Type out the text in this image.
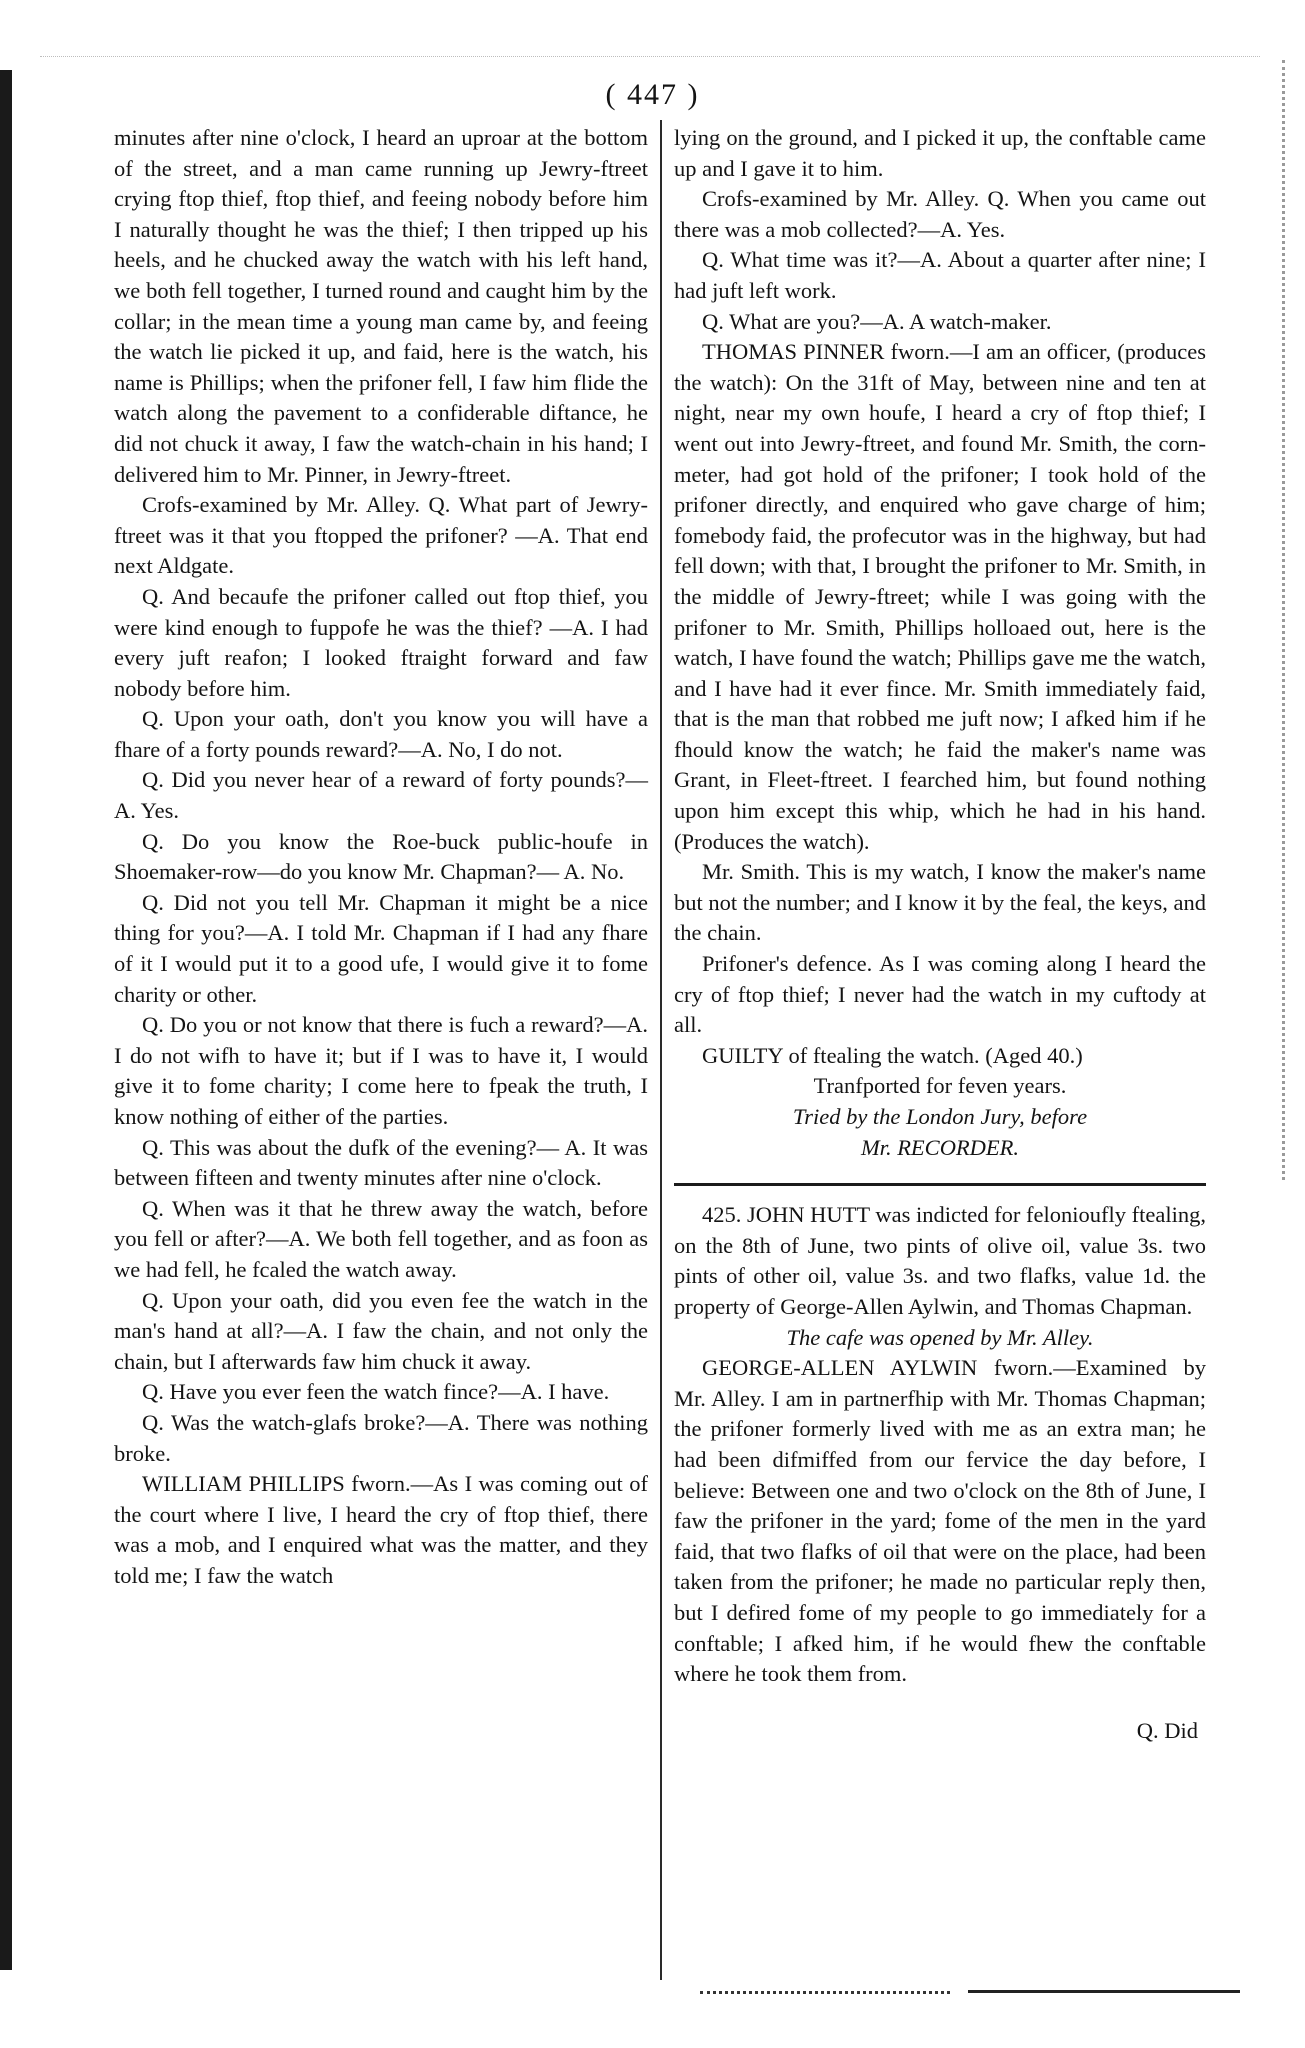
( 447 )

minutes after nine o'clock, I heard an uproar at the bottom of the street, and a man came running up Jewry-ftreet crying ftop thief, ftop thief, and feeing nobody before him I naturally thought he was the thief; I then tripped up his heels, and he chucked away the watch with his left hand, we both fell together, I turned round and caught him by the collar; in the mean time a young man came by, and feeing the watch lie picked it up, and faid, here is the watch, his name is Phillips; when the prifoner fell, I faw him flide the watch along the pavement to a confiderable diftance, he did not chuck it away, I faw the watch-chain in his hand; I delivered him to Mr. Pinner, in Jewry-ftreet.

Crofs-examined by Mr. Alley. Q. What part of Jewry-ftreet was it that you ftopped the prifoner? —A. That end next Aldgate.

Q. And becaufe the prifoner called out ftop thief, you were kind enough to fuppofe he was the thief? —A. I had every juft reafon; I looked ftraight forward and faw nobody before him.

Q. Upon your oath, don't you know you will have a fhare of a forty pounds reward?—A. No, I do not.

Q. Did you never hear of a reward of forty pounds?—A. Yes.

Q. Do you know the Roe-buck public-houfe in Shoemaker-row—do you know Mr. Chapman?— A. No.

Q. Did not you tell Mr. Chapman it might be a nice thing for you?—A. I told Mr. Chapman if I had any fhare of it I would put it to a good ufe, I would give it to fome charity or other.

Q. Do you or not know that there is fuch a reward?—A. I do not wifh to have it; but if I was to have it, I would give it to fome charity; I come here to fpeak the truth, I know nothing of either of the parties.

Q. This was about the dufk of the evening?— A. It was between fifteen and twenty minutes after nine o'clock.

Q. When was it that he threw away the watch, before you fell or after?—A. We both fell together, and as foon as we had fell, he fcaled the watch away.

Q. Upon your oath, did you even fee the watch in the man's hand at all?—A. I faw the chain, and not only the chain, but I afterwards faw him chuck it away.

Q. Have you ever feen the watch fince?—A. I have.

Q. Was the watch-glafs broke?—A. There was nothing broke.

WILLIAM PHILLIPS fworn.—As I was coming out of the court where I live, I heard the cry of ftop thief, there was a mob, and I enquired what was the matter, and they told me; I faw the watch

lying on the ground, and I picked it up, the conftable came up and I gave it to him.

Crofs-examined by Mr. Alley. Q. When you came out there was a mob collected?—A. Yes.

Q. What time was it?—A. About a quarter after nine; I had juft left work.

Q. What are you?—A. A watch-maker.

THOMAS PINNER fworn.—I am an officer, (produces the watch): On the 31ft of May, between nine and ten at night, near my own houfe, I heard a cry of ftop thief; I went out into Jewry-ftreet, and found Mr. Smith, the corn-meter, had got hold of the prifoner; I took hold of the prifoner directly, and enquired who gave charge of him; fomebody faid, the profecutor was in the highway, but had fell down; with that, I brought the prifoner to Mr. Smith, in the middle of Jewry-ftreet; while I was going with the prifoner to Mr. Smith, Phillips holloaed out, here is the watch, I have found the watch; Phillips gave me the watch, and I have had it ever fince. Mr. Smith immediately faid, that is the man that robbed me juft now; I afked him if he fhould know the watch; he faid the maker's name was Grant, in Fleet-ftreet. I fearched him, but found nothing upon him except this whip, which he had in his hand. (Produces the watch).

Mr. Smith. This is my watch, I know the maker's name but not the number; and I know it by the feal, the keys, and the chain.

Prifoner's defence. As I was coming along I heard the cry of ftop thief; I never had the watch in my cuftody at all.

GUILTY of ftealing the watch. (Aged 40.)

Tranfported for feven years.

Tried by the London Jury, before

Mr. RECORDER.

425. JOHN HUTT was indicted for felonioufly ftealing, on the 8th of June, two pints of olive oil, value 3s. two pints of other oil, value 3s. and two flafks, value 1d. the property of George-Allen Aylwin, and Thomas Chapman.

The cafe was opened by Mr. Alley.

GEORGE-ALLEN AYLWIN fworn.—Examined by Mr. Alley. I am in partnerfhip with Mr. Thomas Chapman; the prifoner formerly lived with me as an extra man; he had been difmiffed from our fervice the day before, I believe: Between one and two o'clock on the 8th of June, I faw the prifoner in the yard; fome of the men in the yard faid, that two flafks of oil that were on the place, had been taken from the prifoner; he made no particular reply then, but I defired fome of my people to go immediately for a conftable; I afked him, if he would fhew the conftable where he took them from.

Q. Did
